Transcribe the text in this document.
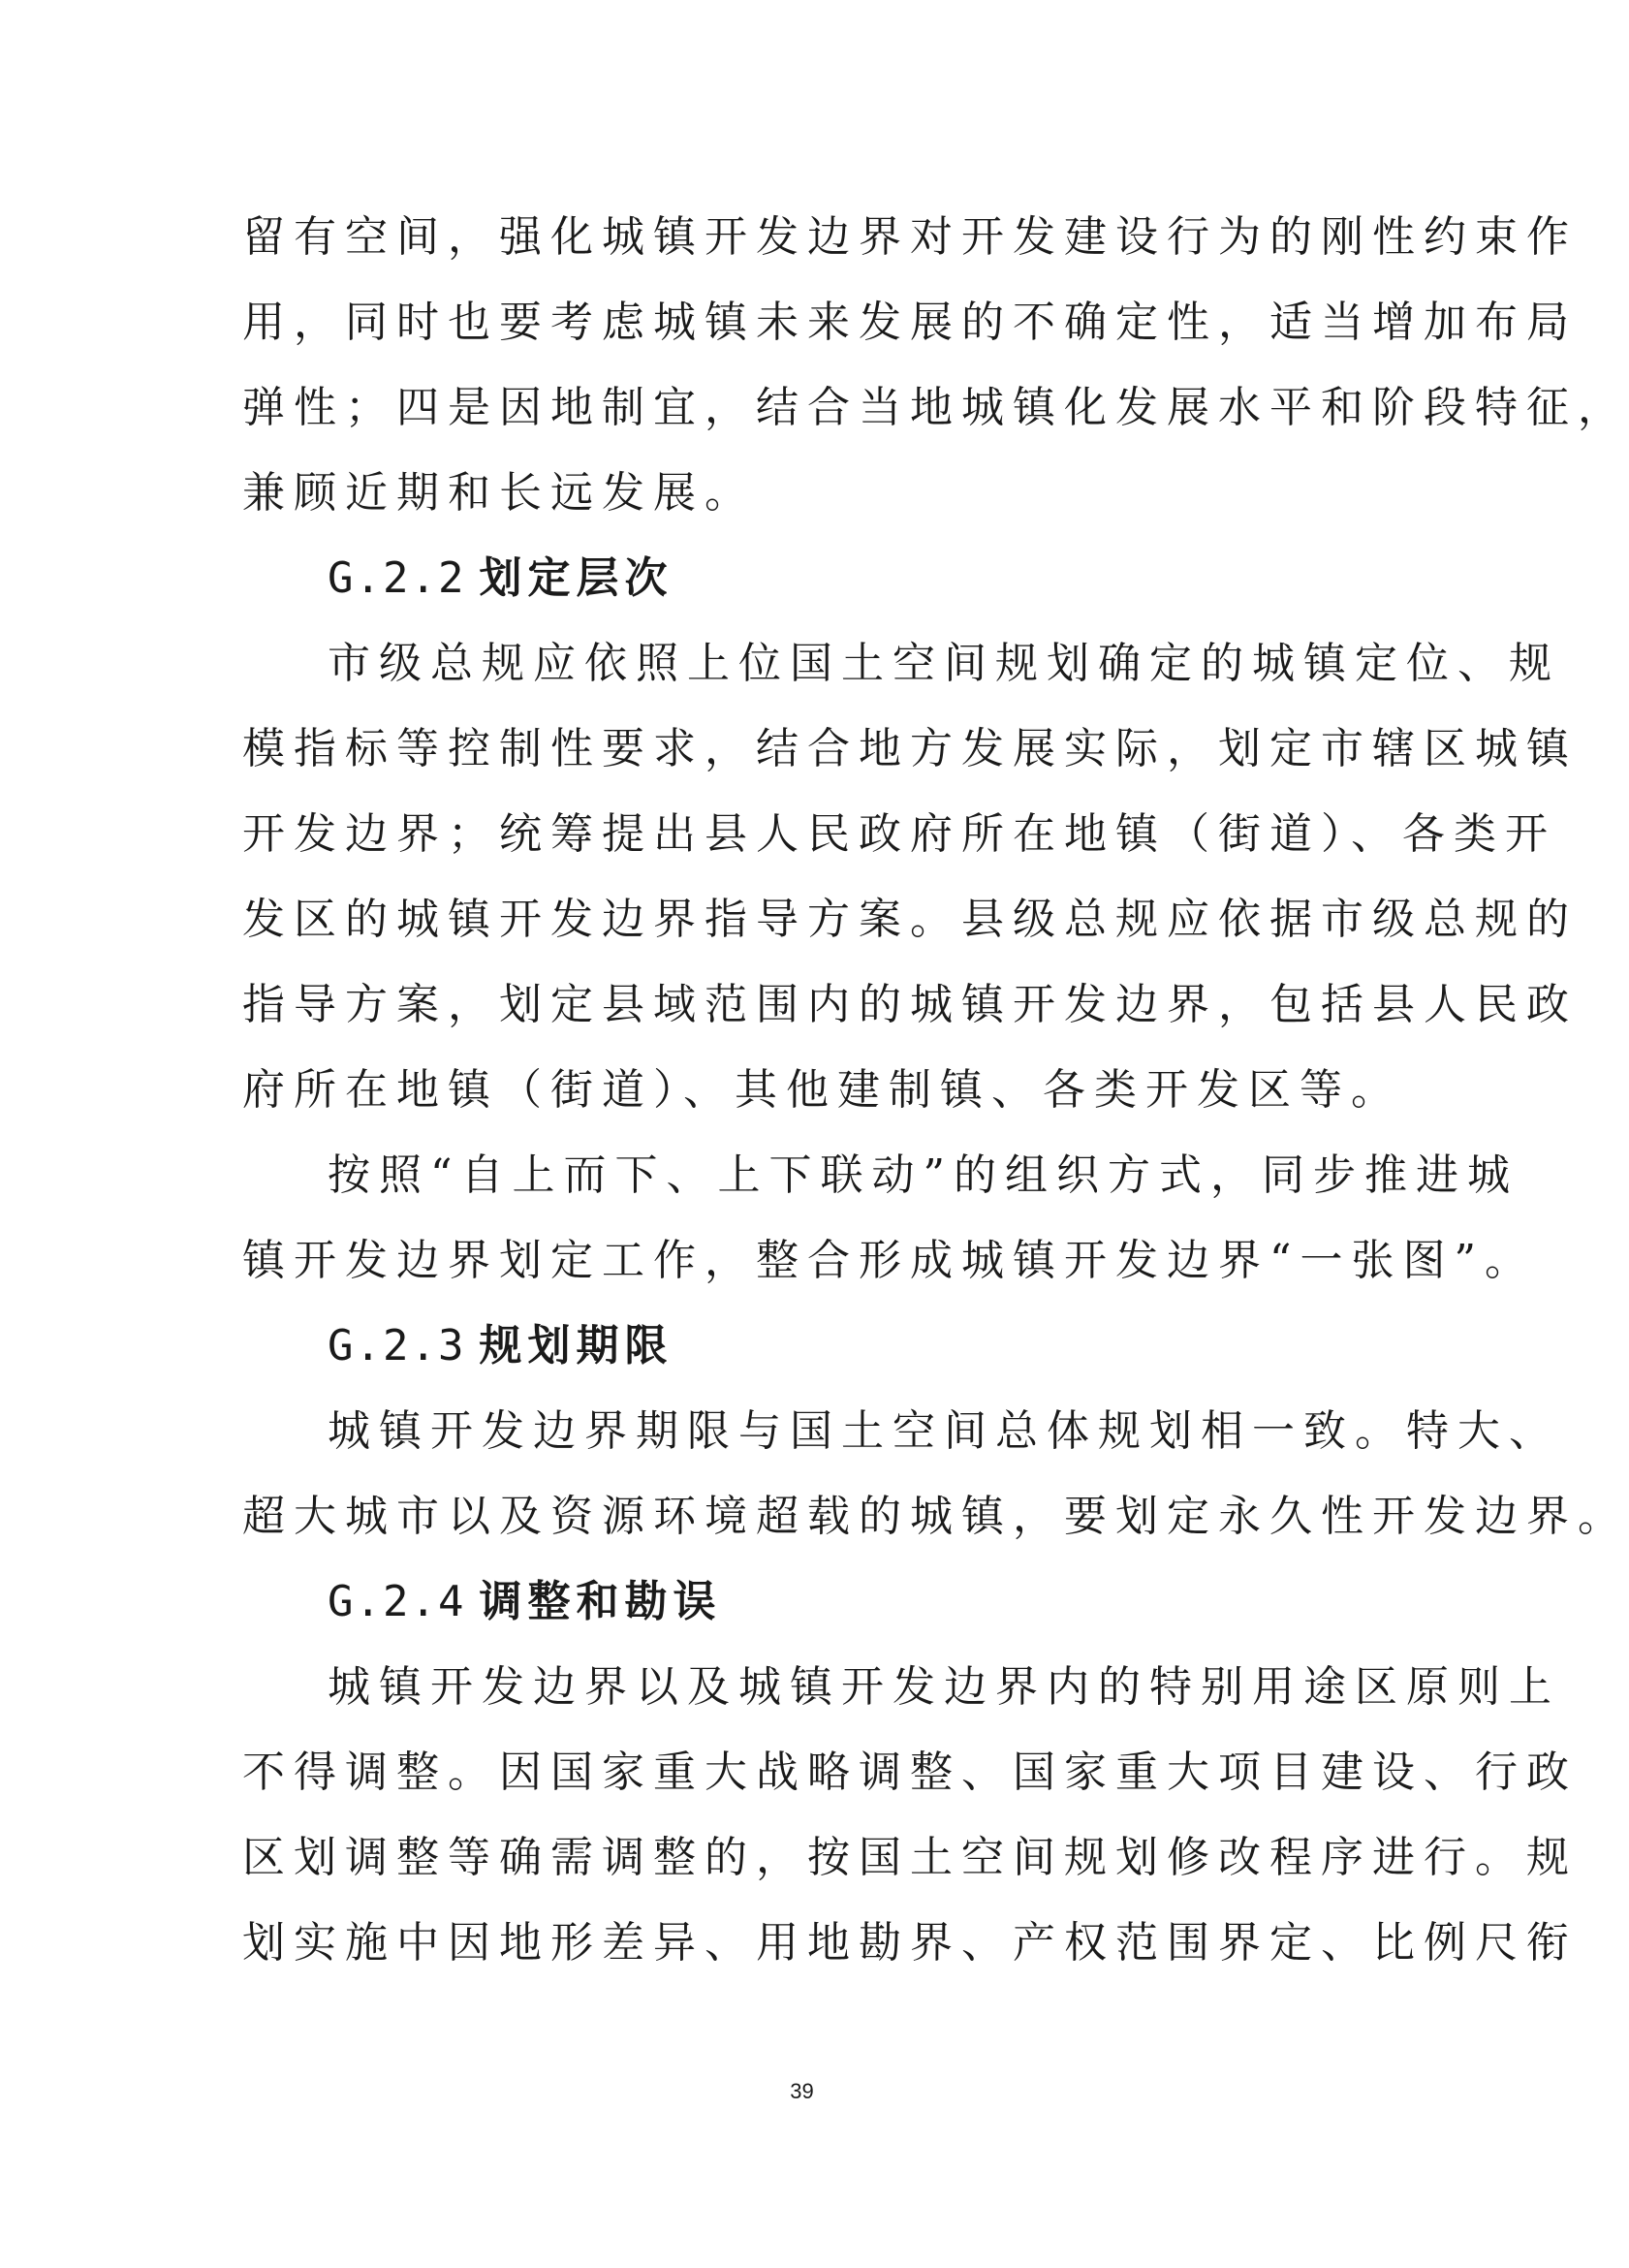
留有空间，强化城镇开发边界对开发建设行为的刚性约束作
用，同时也要考虑城镇未来发展的不确定性，适当增加布局
弹性；四是因地制宜，结合当地城镇化发展水平和阶段特征，
兼顾近期和长远发展。
G.2.2 划定层次
市级总规应依照上位国土空间规划确定的城镇定位、规
模指标等控制性要求，结合地方发展实际，划定市辖区城镇
开发边界；统筹提出县人民政府所在地镇（街道）、各类开
发区的城镇开发边界指导方案。县级总规应依据市级总规的
指导方案，划定县域范围内的城镇开发边界，包括县人民政
府所在地镇（街道）、其他建制镇、各类开发区等。
按照“自上而下、上下联动”的组织方式，同步推进城
镇开发边界划定工作，整合形成城镇开发边界“一张图”。
G.2.3 规划期限
城镇开发边界期限与国土空间总体规划相一致。特大、
超大城市以及资源环境超载的城镇，要划定永久性开发边界。
G.2.4 调整和勘误
城镇开发边界以及城镇开发边界内的特别用途区原则上
不得调整。因国家重大战略调整、国家重大项目建设、行政
区划调整等确需调整的，按国土空间规划修改程序进行。规
划实施中因地形差异、用地勘界、产权范围界定、比例尺衔
39
